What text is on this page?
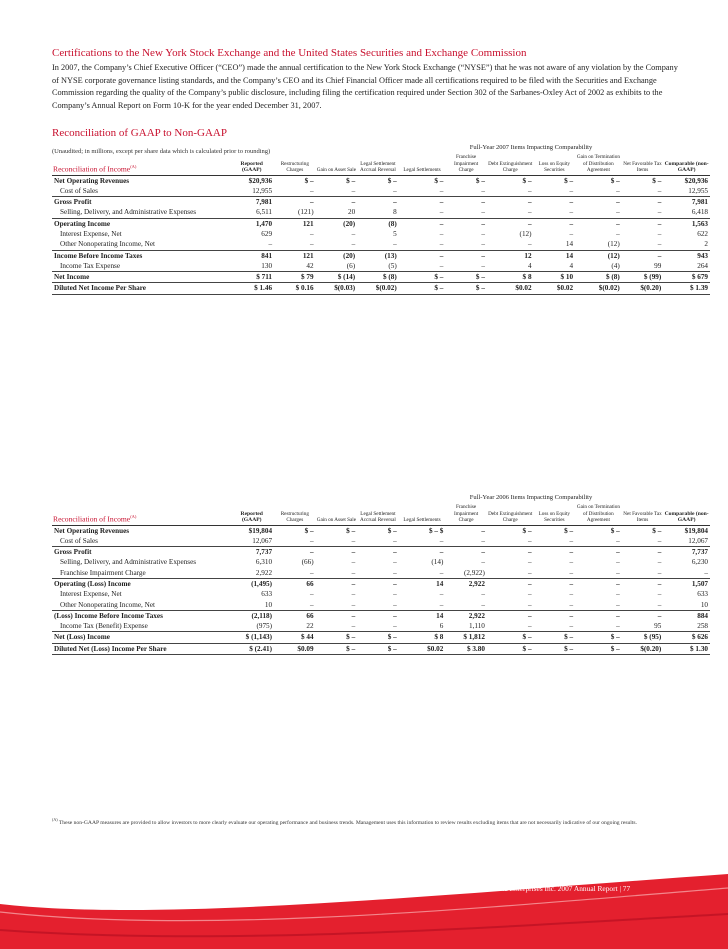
Certifications to the New York Stock Exchange and the United States Securities and Exchange Commission
In 2007, the Company’s Chief Executive Officer (“CEO”) made the annual certification to the New York Stock Exchange (“NYSE”) that he was not aware of any violation by the Company of NYSE corporate governance listing standards, and the Company’s CEO and its Chief Financial Officer made all certifications required to be filed with the Securities and Exchange Commission regarding the quality of the Company’s public disclosure, including filing the certification required under Section 302 of the Sarbanes-Oxley Act of 2002 as exhibits to the Company’s Annual Report on Form 10-K for the year ended December 31, 2007.
Reconciliation of GAAP to Non-GAAP
(Unaudited; in millions, except per share data which is calculated prior to rounding)
Full-Year 2007 Items Impacting Comparability
Reconciliation of Income$^{(A)}$	Reported (GAAP)	Restructuring Charges	Gain on Asset Sale	Legal Settlement Accrual Reversal	Legal Settlements	Franchise Impairment Charge	Debt Extinguishment Charge	Loss on Equity Securities	Gain on Termination of Distribution Agreement	Net Favorable Tax Items	Comparable (non-GAAP)
Net Operating Revenues	$20,936	$ –	$ –	$ –	$ –	$ –	$ –	$ –	$ –	$ –	$20,936
Cost of Sales	12,955	–	–	–	–	–	–	–	–	–	12,955
Gross Profit	7,981	–	–	–	–	–	–	–	–	–	7,981
Selling, Delivery, and Administrative Expenses	6,511	(121)	20	8	–	–	–	–	–	–	6,418
Operating Income	1,470	121	(20)	(8)	–	–	–	–	–	–	1,563
Interest Expense, Net	629	–	–	5	–	–	(12)	–	–	–	622
Other Nonoperating Income, Net	–	–	–	–	–	–	–	14	(12)	–	2
Income Before Income Taxes	841	121	(20)	(13)	–	–	12	14	(12)	–	943
Income Tax Expense	130	42	(6)	(5)	–	–	4	4	(4)	99	264
Net Income	$ 711	$ 79	$ (14)	$ (8)	$ –	$ –	$ 8	$ 10	$ (8)	$ (99)	$ 679
Diluted Net Income Per Share	$ 1.46	$ 0.16	$(0.03)	$(0.02)	$ –	$ –	$0.02	$0.02	$(0.02)	$(0.20)	$ 1.39
Full-Year 2006 Items Impacting Comparability
Reconciliation of Income$^{(A)}$	Reported (GAAP)	Restructuring Charges	Gain on Asset Sale	Legal Settlement Accrual Reversal	Legal Settlements	Franchise Impairment Charge	Debt Extinguishment Charge	Loss on Equity Securities	Gain on Termination of Distribution Agreement	Net Favorable Tax Items	Comparable (non-GAAP)
Net Operating Revenues	$19,804	$ –	$ –	$ –	$ – $	–	$ –	$ –	$ –	$ –	$19,804
Cost of Sales	12,067	–	–	–	–	–	–	–	–	–	12,067
Gross Profit	7,737	–	–	–	–	–	–	–	–	–	7,737
Selling, Delivery, and Administrative Expenses	6,310	(66)	–	–	(14)	–	–	–	–	–	6,230
Franchise Impairment Charge	2,922	–	–	–	–	(2,922)	–	–	–	–	–
Operating (Loss) Income	(1,495)	66	–	–	14	2,922	–	–	–	–	1,507
Interest Expense, Net	633	–	–	–	–	–	–	–	–	–	633
Other Nonoperating Income, Net	10	–	–	–	–	–	–	–	–	–	10
(Loss) Income Before Income Taxes	(2,118)	66	–	–	14	2,922	–	–	–	–	884
Income Tax (Benefit) Expense	(975)	22	–	–	6	1,110	–	–	–	95	258
Net (Loss) Income	$ (1,143)	$ 44	$ –	$ –	$ 8	$ 1,812	$ –	$ –	$ –	$ (95)	$ 626
Diluted Net (Loss) Income Per Share	$ (2.41)	$0.09	$ –	$ –	$0.02	$ 3.80	$ –	$ –	$ –	$(0.20)	$ 1.30
$^{(A)}$ These non-GAAP measures are provided to allow investors to more clearly evaluate our operating performance and business trends. Management uses this information to review results excluding items that are not necessarily indicative of our ongoing results.
Coca-Cola Enterprises Inc. 2007 Annual Report | 77
